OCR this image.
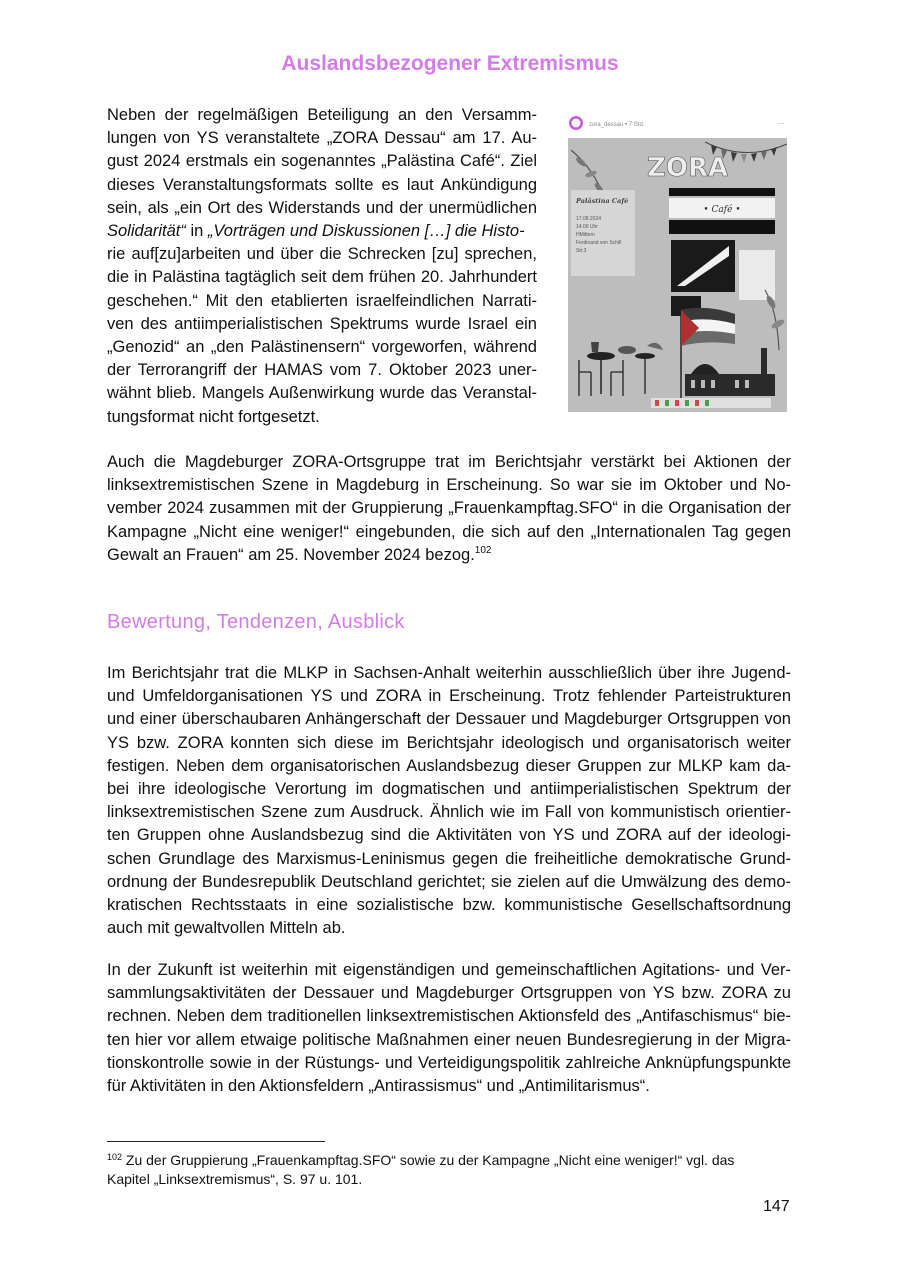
Auslandsbezogener Extremismus

Neben der regelmäßigen Beteiligung an den Versamm-
lungen von YS veranstaltete „ZORA Dessau“ am 17. Au-
gust 2024 erstmals ein sogenanntes „Palästina Café“. Ziel
dieses Veranstaltungsformats sollte es laut Ankündigung
sein, als „ein Ort des Widerstands und der unermüdlichen
Solidarität“ in „Vorträgen und Diskussionen […] die Histo-
rie auf[zu]arbeiten und über die Schrecken [zu] sprechen,
die in Palästina tagtäglich seit dem frühen 20. Jahrhundert
geschehen.“ Mit den etablierten israelfeindlichen Narrati-
ven des antiimperialistischen Spektrums wurde Israel ein
„Genozid“ an „den Palästinensern“ vorgeworfen, während
der Terrorangriff der HAMAS vom 7. Oktober 2023 uner-
wähnt blieb. Mangels Außenwirkung wurde das Veranstal-
tungsformat nicht fortgesetzt.

zora_dessau • 7 Std.	···
ZORA
• Café •
Palästina Café
17.08.2024
14.00 Uhr
HMittern
Ferdinand von Schill
Str.3

Auch die Magdeburger ZORA-Ortsgruppe trat im Berichtsjahr verstärkt bei Aktionen der
linksextremistischen Szene in Magdeburg in Erscheinung. So war sie im Oktober und No-
vember 2024 zusammen mit der Gruppierung „Frauenkampftag.SFO“ in die Organisation der
Kampagne „Nicht eine weniger!“ eingebunden, die sich auf den „Internationalen Tag gegen
Gewalt an Frauen“ am 25. November 2024 bezog.$^{102}$

Bewertung, Tendenzen, Ausblick

Im Berichtsjahr trat die MLKP in Sachsen-Anhalt weiterhin ausschließlich über ihre Jugend-
und Umfeldorganisationen YS und ZORA in Erscheinung. Trotz fehlender Parteistrukturen
und einer überschaubaren Anhängerschaft der Dessauer und Magdeburger Ortsgruppen von
YS bzw. ZORA konnten sich diese im Berichtsjahr ideologisch und organisatorisch weiter
festigen. Neben dem organisatorischen Auslandsbezug dieser Gruppen zur MLKP kam da-
bei ihre ideologische Verortung im dogmatischen und antiimperialistischen Spektrum der
linksextremistischen Szene zum Ausdruck. Ähnlich wie im Fall von kommunistisch orientier-
ten Gruppen ohne Auslandsbezug sind die Aktivitäten von YS und ZORA auf der ideologi-
schen Grundlage des Marxismus-Leninismus gegen die freiheitliche demokratische Grund-
ordnung der Bundesrepublik Deutschland gerichtet; sie zielen auf die Umwälzung des demo-
kratischen Rechtsstaats in eine sozialistische bzw. kommunistische Gesellschaftsordnung
auch mit gewaltvollen Mitteln ab.

In der Zukunft ist weiterhin mit eigenständigen und gemeinschaftlichen Agitations- und Ver-
sammlungsaktivitäten der Dessauer und Magdeburger Ortsgruppen von YS bzw. ZORA zu
rechnen. Neben dem traditionellen linksextremistischen Aktionsfeld des „Antifaschismus“ bie-
ten hier vor allem etwaige politische Maßnahmen einer neuen Bundesregierung in der Migra-
tionskontrolle sowie in der Rüstungs- und Verteidigungspolitik zahlreiche Anknüpfungspunkte
für Aktivitäten in den Aktionsfeldern „Antirassismus“ und „Antimilitarismus“.

$^{102}$ Zu der Gruppierung „Frauenkampftag.SFO“ sowie zu der Kampagne „Nicht eine weniger!“ vgl. das
Kapitel „Linksextremismus“, S. 97 u. 101.
147
